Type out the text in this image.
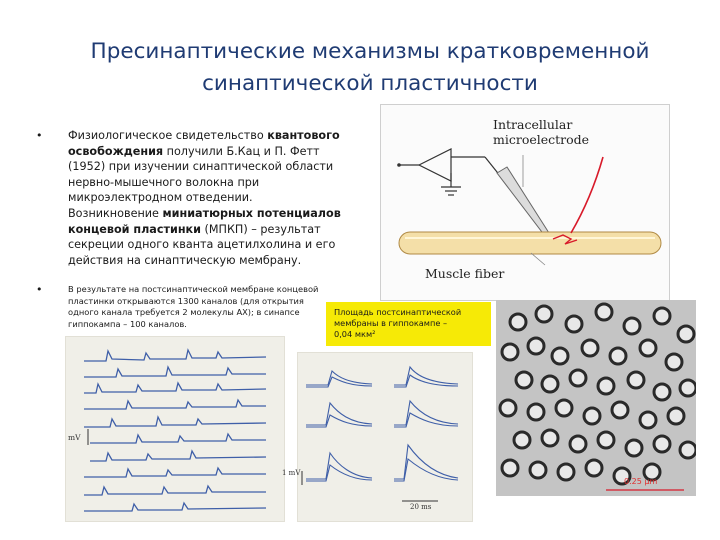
Пресинаптические механизмы кратковременной
синаптической пластичности
• Физиологическое свидетельство квантового
освобождения получили Б.Кац и П. Фетт
(1952) при изучении синаптической области
нервно-мышечного волокна при
микроэлектродном отведении.
Возникновение миниатюрных потенциалов
концевой пластинки (МПКП) – результат
секреции одного кванта ацетилхолина и его
действия на синаптическую мембрану.
•	В результате на постсинаптической мембране концевой
пластинки открываются 1300 каналов (для открытия
одного канала требуется 2 молекулы АХ); в синапсе
гиппокампа – 100 каналов.
Intracellular
microelectrode
Muscle fiber
Площадь постсинаптической
мембраны в гиппокампе –
0,04 мкм²
mV
1 mV
20 ms
0.25 µm
